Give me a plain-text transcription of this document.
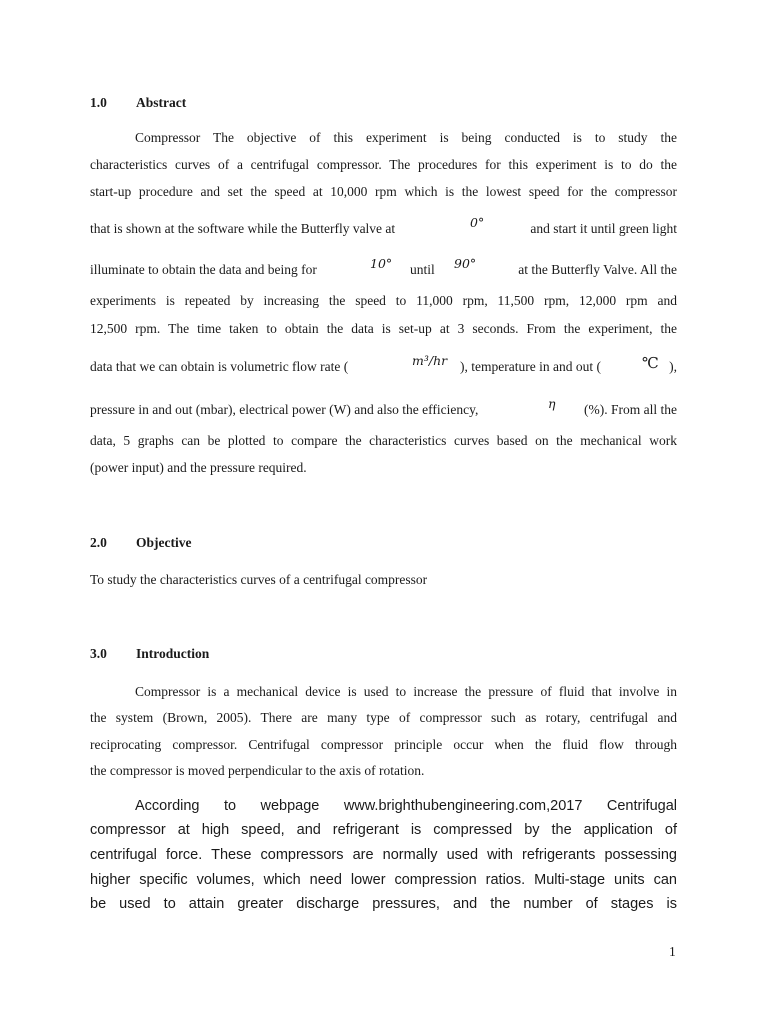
1.0 Abstract
Compressor The objective of this experiment is being conducted is to study the
characteristics curves of a centrifugal compressor. The procedures for this experiment is to do the
start-up procedure and set the speed at 10,000 rpm which is the lowest speed for the compressor
that is shown at the software while the Butterfly valve at	0°	and start it until green light
illuminate to obtain the data and being for	10° until 90°	at the Butterfly Valve. All the
experiments is repeated by increasing the speed to 11,000 rpm, 11,500 rpm, 12,000 rpm and
12,500 rpm. The time taken to obtain the data is set-up at 3 seconds. From the experiment, the
data that we can obtain is volumetric flow rate (	m³/hr ), temperature in and out (	℃ ),
pressure in and out (mbar), electrical power (W) and also the efficiency,	η (%). From all the
data, 5 graphs can be plotted to compare the characteristics curves based on the mechanical work
(power input) and the pressure required.
2.0 Objective
To study the characteristics curves of a centrifugal compressor
3.0 Introduction
Compressor is a mechanical device is used to increase the pressure of fluid that involve in
the system (Brown, 2005). There are many type of compressor such as rotary, centrifugal and
reciprocating compressor. Centrifugal compressor principle occur when the fluid flow through
the compressor is moved perpendicular to the axis of rotation.
According to webpage www.brighthubengineering.com,2017 Centrifugal
compressor at high speed, and refrigerant is compressed by the application of
centrifugal force. These compressors are normally used with refrigerants possessing
higher specific volumes, which need lower compression ratios. Multi-stage units can
be used to attain greater discharge pressures, and the number of stages is
1
